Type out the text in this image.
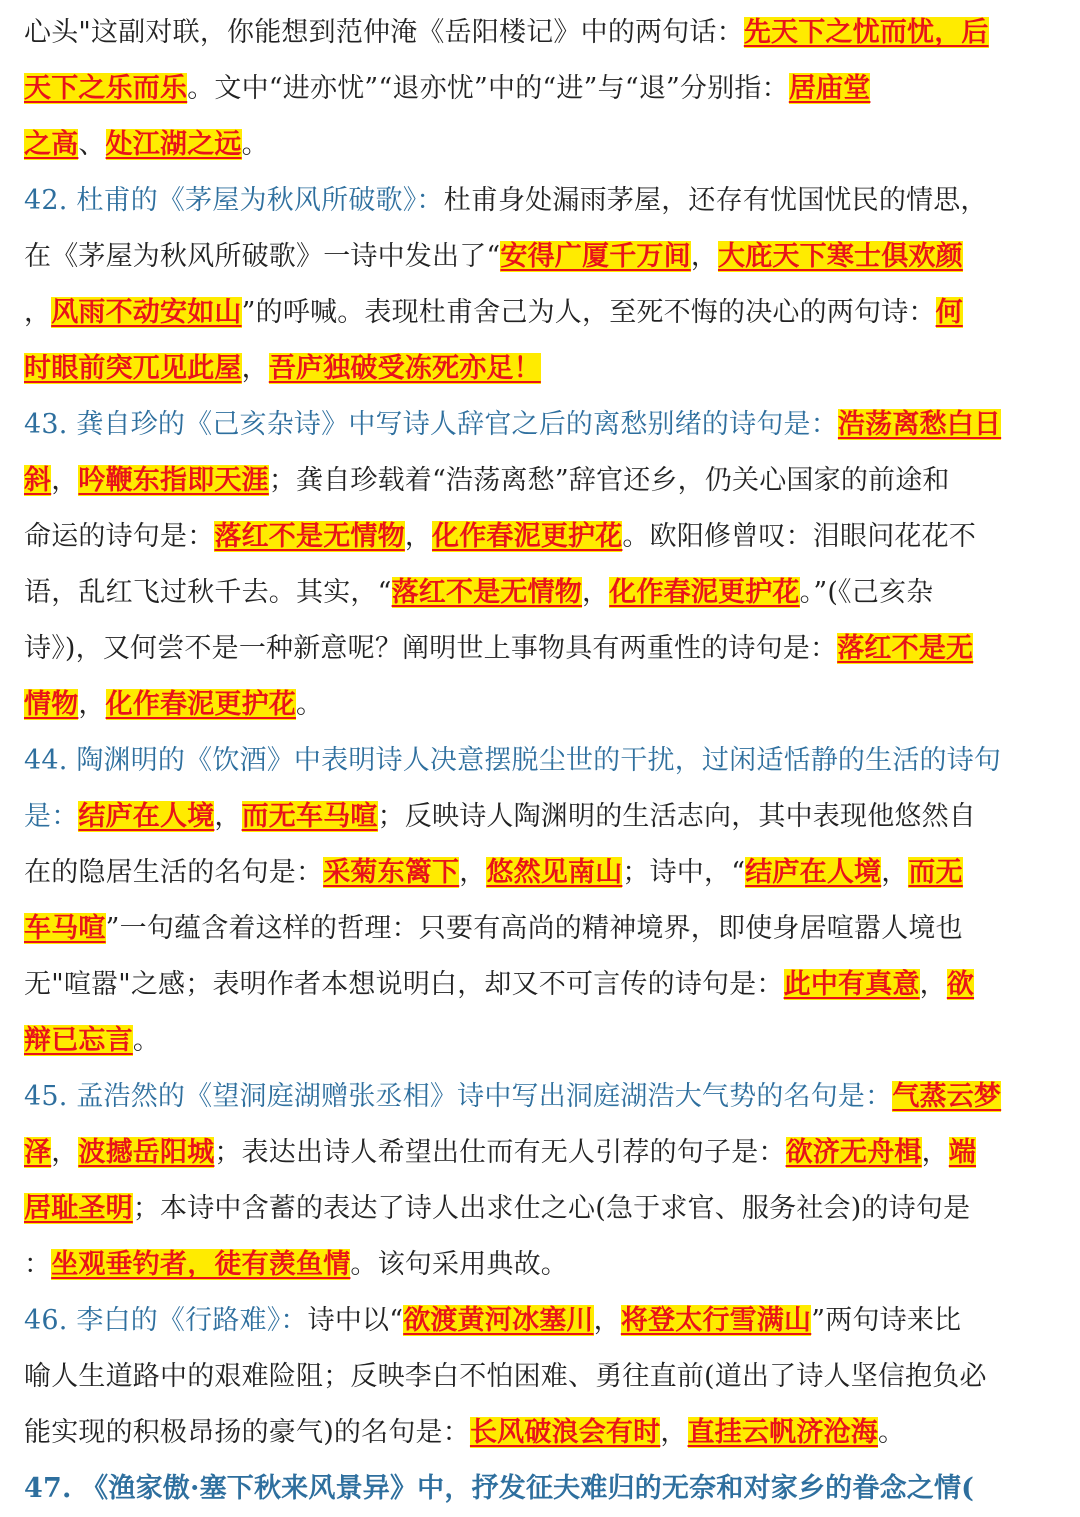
心头"这副对联，你能想到范仲淹《岳阳楼记》中的两句话：先天下之忧而忧，后
天下之乐而乐。文中“进亦忧”“退亦忧”中的“进”与“退”分别指：居庙堂
之高、处江湖之远。
42. 杜甫的《茅屋为秋风所破歌》：杜甫身处漏雨茅屋，还存有忧国忧民的情思，
在《茅屋为秋风所破歌》一诗中发出了“安得广厦千万间，大庇天下寒士俱欢颜
，风雨不动安如山”的呼喊。表现杜甫舍己为人，至死不悔的决心的两句诗：何
时眼前突兀见此屋，吾庐独破受冻死亦足！
43. 龚自珍的《己亥杂诗》中写诗人辞官之后的离愁别绪的诗句是：浩荡离愁白日
斜，吟鞭东指即天涯；龚自珍载着“浩荡离愁”辞官还乡，仍关心国家的前途和
命运的诗句是：落红不是无情物，化作春泥更护花。欧阳修曾叹：泪眼问花花不
语，乱红飞过秋千去。其实，“落红不是无情物，化作春泥更护花。”(《己亥杂
诗》)，又何尝不是一种新意呢？阐明世上事物具有两重性的诗句是：落红不是无
情物，化作春泥更护花。
44. 陶渊明的《饮酒》中表明诗人决意摆脱尘世的干扰，过闲适恬静的生活的诗句
是：结庐在人境，而无车马喧；反映诗人陶渊明的生活志向，其中表现他悠然自
在的隐居生活的名句是：采菊东篱下，悠然见南山；诗中，“结庐在人境，而无
车马喧”一句蕴含着这样的哲理：只要有高尚的精神境界，即使身居喧嚣人境也
无"喧嚣"之感；表明作者本想说明白，却又不可言传的诗句是：此中有真意，欲
辩已忘言。
45. 孟浩然的《望洞庭湖赠张丞相》诗中写出洞庭湖浩大气势的名句是：气蒸云梦
泽，波撼岳阳城；表达出诗人希望出仕而有无人引荐的句子是：欲济无舟楫，端
居耻圣明；本诗中含蓄的表达了诗人出求仕之心(急于求官、服务社会)的诗句是
：坐观垂钓者，徒有羡鱼情。该句采用典故。
46. 李白的《行路难》：诗中以“欲渡黄河冰塞川，将登太行雪满山”两句诗来比
喻人生道路中的艰难险阻；反映李白不怕困难、勇往直前(道出了诗人坚信抱负必
能实现的积极昂扬的豪气)的名句是：长风破浪会有时，直挂云帆济沧海。
47. 《渔家傲·塞下秋来风景异》中，抒发征夫难归的无奈和对家乡的眷念之情(
